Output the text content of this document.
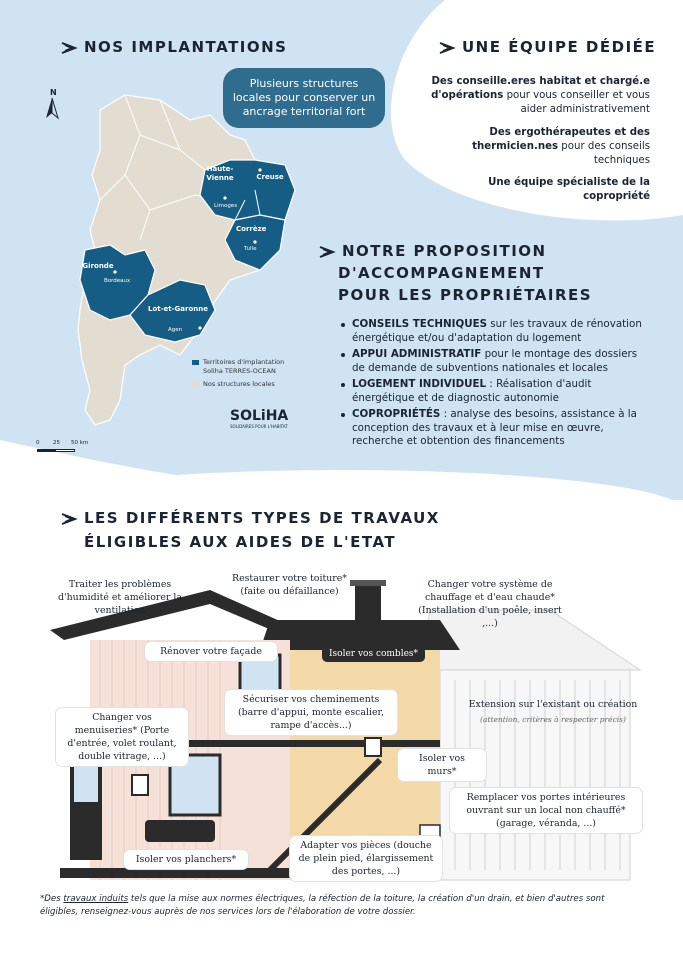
NOS IMPLANTATIONS
Plusieurs structures locales pour conserver un ancrage territorial fort
N
Haute-Vienne
Limoges
Creuse
Corrèze
Tulle
Gironde
Bordeaux
Lot-et-Garonne
Agen
Territoires d'implantation
Soliha TERRES-OCEAN
Nos structures locales
0 25 50 km
SOLiHA
SOLIDAIRES POUR L'HABITAT
UNE ÉQUIPE DÉDIÉE

Des conseille.eres habitat et chargé.e d'opérations pour vous conseiller et vous aider administrativement

Des ergothérapeutes et des thermicien.nes pour des conseils techniques

Une équipe spécialiste de la copropriété

NOTRE PROPOSITION
D'ACCOMPAGNEMENT
POUR LES PROPRIÉTAIRES
CONSEILS TECHNIQUES sur les travaux de rénovation énergétique et/ou d'adaptation du logement
APPUI ADMINISTRATIF pour le montage des dossiers de demande de subventions nationales et locales
LOGEMENT INDIVIDUEL : Réalisation d'audit énergétique et de diagnostic autonomie
COPROPRIÉTÉS : analyse des besoins, assistance à la conception des travaux et à leur mise en œuvre, recherche et obtention des financements
LES DIFFÉRENTS TYPES DE TRAVAUX
ÉLIGIBLES AUX AIDES DE L'ETAT
Traiter les problèmes d'humidité et améliorer la ventilation
Restaurer votre toiture* (faite ou défaillance)
Changer votre système de chauffage et d'eau chaude* (Installation d'un poêle, insert ,...)
Rénover votre façade	Isoler vos combles*
Sécuriser vos cheminements (barre d'appui, monte escalier, rampe d'accès...)
Extension sur l'existant ou création
(attention, critères à respecter précis)
Changer vos menuiseries* (Porte d'entrée, volet roulant, double vitrage, ...)	Isoler vos murs*
Remplacer vos portes intérieures ouvrant sur un local non chauffé* (garage, véranda, ...)
Isoler vos planchers*
Adapter vos pièces (douche de plein pied, élargissement des portes, ...)
*Des travaux induits tels que la mise aux normes électriques, la réfection de la toiture, la création d'un drain, et bien d'autres sont éligibles, renseignez-vous auprès de nos services lors de l'élaboration de votre dossier.
